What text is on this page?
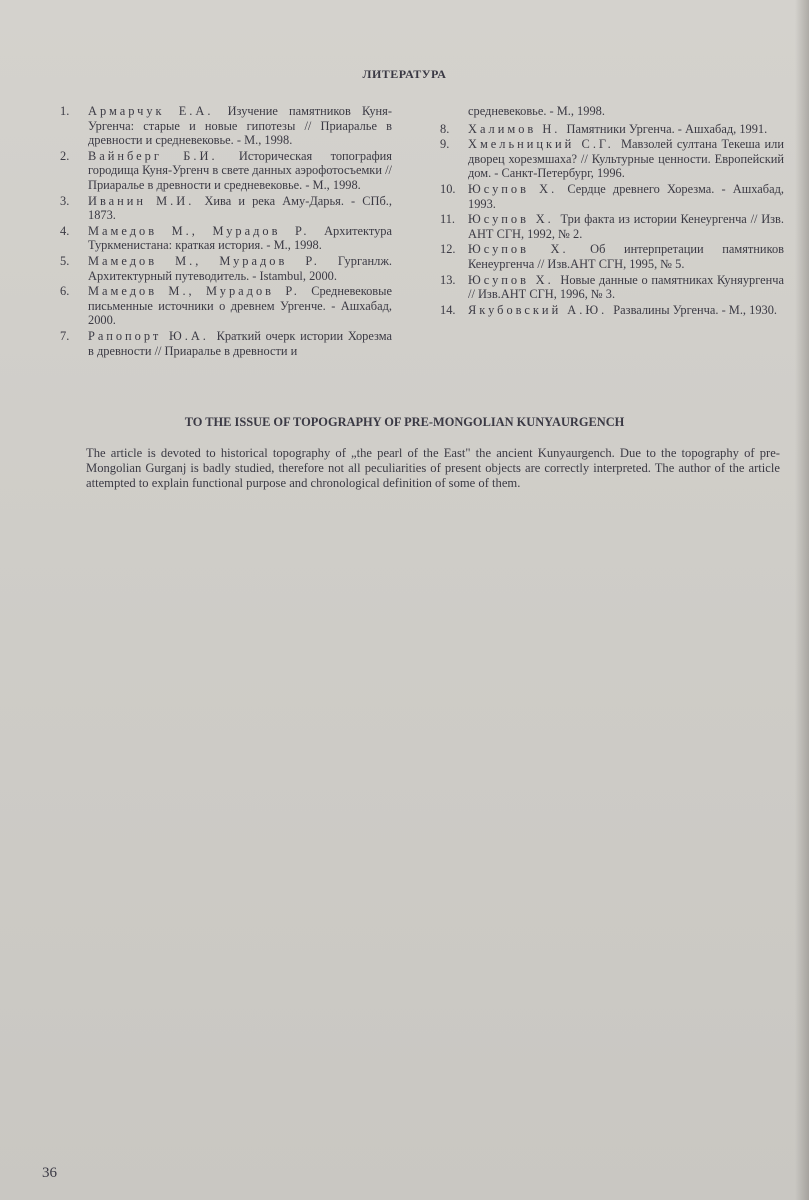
ЛИТЕРАТУРА
1.	Армарчук Е.А. Изучение памятников Куня-Ургенча: старые и новые гипотезы // Приаралье в древности и средневековье. - М., 1998.
2.	Вайнберг Б.И. Историческая топография городища Куня-Ургенч в свете данных аэрофотосъемки // Приаралье в древности и средневековье. - М., 1998.
3.	Иванин М.И. Хива и река Аму-Дарья. - СПб., 1873.
4.	Мамедов М., Мурадов Р. Архитектура Туркменистана: краткая история. - М., 1998.
5.	Мамедов М., Мурадов Р. Гурганлж. Архитектурный путеводитель. - Istambul, 2000.
6.	Мамедов М., Мурадов Р. Средневековые письменные источники о древнем Ургенче. - Ашхабад, 2000.
7.	Рапопорт Ю.А. Краткий очерк истории Хорезма в древности // Приаралье в древности и
средневековье. - М., 1998.
8.	Халимов Н. Памятники Ургенча. - Ашхабад, 1991.
9.	Хмельницкий С.Г. Мавзолей султана Текеша или дворец хорезмшаха? // Культурные ценности. Европейский дом. - Санкт-Петербург, 1996.
10.	Юсупов Х. Сердце древнего Хорезма. - Ашхабад, 1993.
11.	Юсупов Х. Три факта из истории Кенеургенча // Изв. АНТ СГН, 1992, № 2.
12.	Юсупов Х. Об интерпретации памятников Кенеургенча // Изв.АНТ СГН, 1995, № 5.
13.	Юсупов Х. Новые данные о памятниках Куняургенча // Изв.АНТ СГН, 1996, № 3.
14.	Якубовский А.Ю. Развалины Ургенча. - М., 1930.
TO THE ISSUE OF TOPOGRAPHY OF PRE-MONGOLIAN KUNYAURGENCH
The article is devoted to historical topography of „the pearl of the East" the ancient Kunyaurgench. Due to the topography of pre-Mongolian Gurganj is badly studied, therefore not all peculiarities of present objects are correctly interpreted. The author of the article attempted to explain functional purpose and chronological definition of some of them.
36
